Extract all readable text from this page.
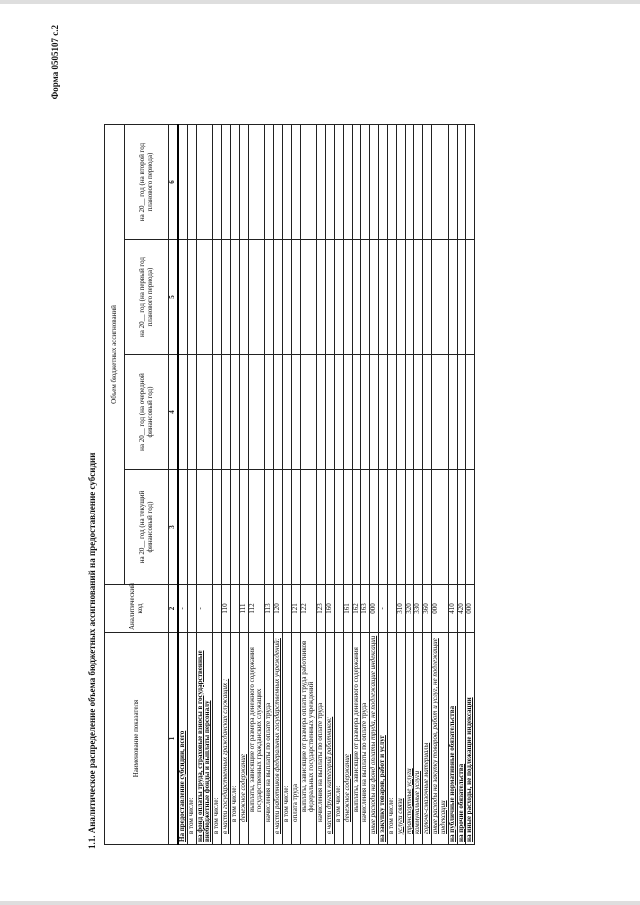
Форма 0505107 с.2
1.1. Аналитическое распределение объема бюджетных ассигнований на предоставление субсидии	Наименование показателя	Аналитический код	Объем бюджетных ассигнований			
		на 20__ год (на текущий финансовый год)	на 20__ год (на очередной финансовый год)	на 20__ год (на первый год планового периода)	на 20__ год (на второй год планового периода)
1	2	3	4	5	6
На предоставление субсидии, всего	-				
в том числе:					
на фонд оплаты труда, страховые взносы в государственные внебюджетные фонды и выплаты персоналу	-				
в том числе:					
в части государственных гражданских служащих :	110				
в том числе:					
денежное содержание	111				
выплаты, зависящие от размера денежного содержания государственных гражданских служащих	112				
начисления на выплаты по оплате труда	113				
в части работников федеральных государственных учреждений:	120				
в том числе:					
оплата труда	121				
выплаты, зависящие от размера оплаты труда работников федеральных государственных учреждений	122				
начисления на выплаты по оплате труда	123				
в части других категорий работников:	160				
в том числе:					
денежное содержание	161				
выплаты, зависящие от размера денежного содержания	162				
начисления на выплаты по оплате труда	163				
иные расходы на фонд оплаты труда, не подлежащие индексации	000				
на закупку товаров, работ и услуг	-				
в том числе:					
услуги связи	310				
транспортные услуги	320				
коммунальные услуги	330				
горюче-смазочные материалы	360				
иные расходы на закупку товаров, работ и услуг, не подлежащие индексации	000				
на публичные нормативные обязательства	410				
на прочие обязательства	420				
на иные расходы, не подлежащие индексации	000				
